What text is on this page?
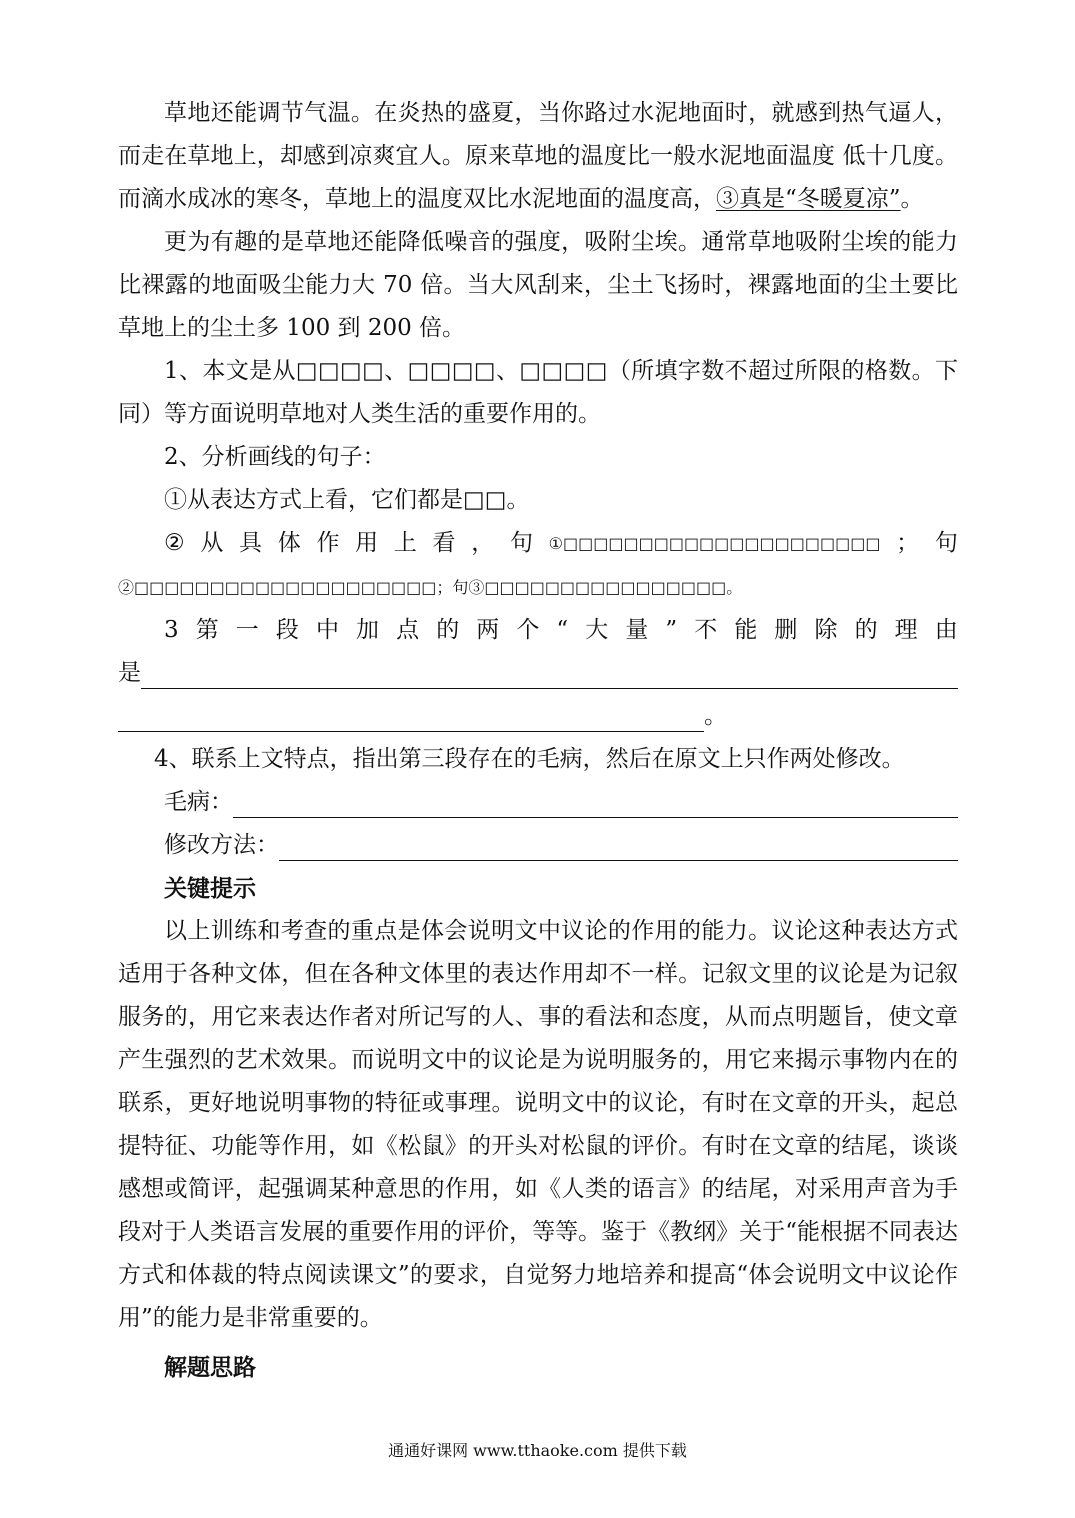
草地还能调节气温。在炎热的盛夏，当你路过水泥地面时，就感到热气逼人，而走在草地上，却感到凉爽宜人。原来草地的温度比一般水泥地面温度 低十几度。而滴水成冰的寒冬，草地上的温度双比水泥地面的温度高，③真是“冬暖夏凉”。

更为有趣的是草地还能降低噪音的强度，吸附尘埃。通常草地吸附尘埃的能力比裸露的地面吸尘能力大 70 倍。当大风刮来，尘土飞扬时，裸露地面的尘土要比草地上的尘土多 100 到 200 倍。

1、本文是从□□□□、□□□□、□□□□（所填字数不超过所限的格数。下同）等方面说明草地对人类生活的重要作用的。

2、分析画线的句子：

①从表达方式上看，它们都是□□。

② 从 具 体 作 用 上 看 ， 句 ①□□□□□□□□□□□□□□□□□□□□□ ； 句

②□□□□□□□□□□□□□□□□□□□□；句③□□□□□□□□□□□□□□□□。

3 第 一 段 中 加 点 的 两 个 “ 大 量 ” 不 能 删 除 的 理 由
是
。

4、联系上文特点，指出第三段存在的毛病，然后在原文上只作两处修改。

毛病：
修改方法：

关键提示

以上训练和考查的重点是体会说明文中议论的作用的能力。议论这种表达方式适用于各种文体，但在各种文体里的表达作用却不一样。记叙文里的议论是为记叙服务的，用它来表达作者对所记写的人、事的看法和态度，从而点明题旨，使文章产生强烈的艺术效果。而说明文中的议论是为说明服务的，用它来揭示事物内在的联系，更好地说明事物的特征或事理。说明文中的议论，有时在文章的开头，起总提特征、功能等作用，如《松鼠》的开头对松鼠的评价。有时在文章的结尾，谈谈感想或简评，起强调某种意思的作用，如《人类的语言》的结尾，对采用声音为手段对于人类语言发展的重要作用的评价，等等。鉴于《教纲》关于“能根据不同表达方式和体裁的特点阅读课文”的要求，自觉努力地培养和提高“体会说明文中议论作用”的能力是非常重要的。

解题思路

通通好课网 www.tthaoke.com 提供下载
